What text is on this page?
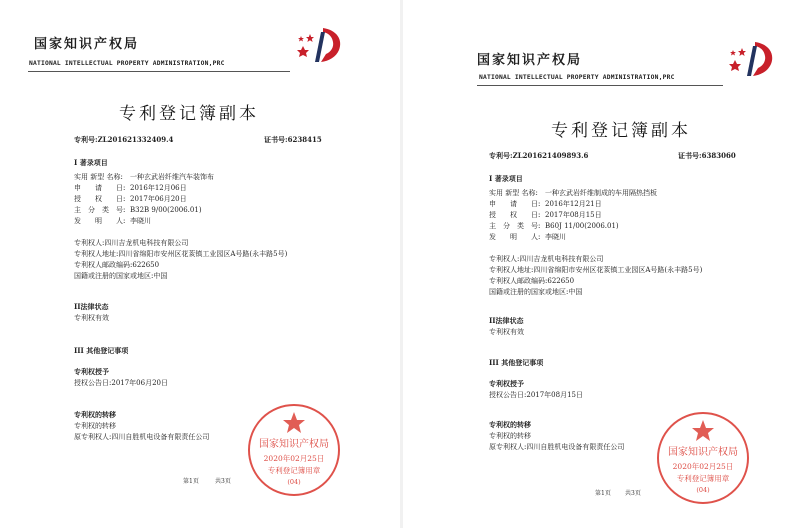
国家知识产权局
NATIONAL INTELLECTUAL PROPERTY ADMINISTRATION,PRC
专利登记簿副本
专利号:ZL201621332409.4	证书号:6238415
I 著录项目
实用 新型 名称: 一种玄武岩纤维汽车装饰布
申　　请　　日: 2016年12月06日
授　　权　　日: 2017年06月20日
主　分　类　号: B32B 9/00(2006.01)
发　　明　　人: 李晓川
专利权人:四川吉龙机电科技有限公司
专利权人地址:四川省绵阳市安州区花荄镇工业园区A号路(永丰路5号)
专利权人邮政编码:622650
国籍或注册的国家或地区:中国
II法律状态
专利权有效
III 其他登记事项
专利权授予
授权公告日:2017年06月20日
专利权的转移
专利权的转移
原专利权人:四川自胜机电设备有限责任公司
国家知识产权局
2020年02月25日
专利登记簿用章
(04)
第1页	共3页
国家知识产权局
NATIONAL INTELLECTUAL PROPERTY ADMINISTRATION,PRC
专利登记簿副本
专利号:ZL201621409893.6	证书号:6383060
I 著录项目
实用 新型 名称: 一种玄武岩纤维制成的车用隔热挡板
申　　请　　日: 2016年12月21日
授　　权　　日: 2017年08月15日
主　分　类　号: B60J 11/00(2006.01)
发　　明　　人: 李晓川
专利权人:四川吉龙机电科技有限公司
专利权人地址:四川省绵阳市安州区花荄镇工业园区A号路(永丰路5号)
专利权人邮政编码:622650
国籍或注册的国家或地区:中国
II法律状态
专利权有效
III 其他登记事项
专利权授予
授权公告日:2017年08月15日
专利权的转移
专利权的转移
原专利权人:四川自胜机电设备有限责任公司	国家知识产权局
2020年02月25日
专利登记簿用章
(04)
第1页 共3页
